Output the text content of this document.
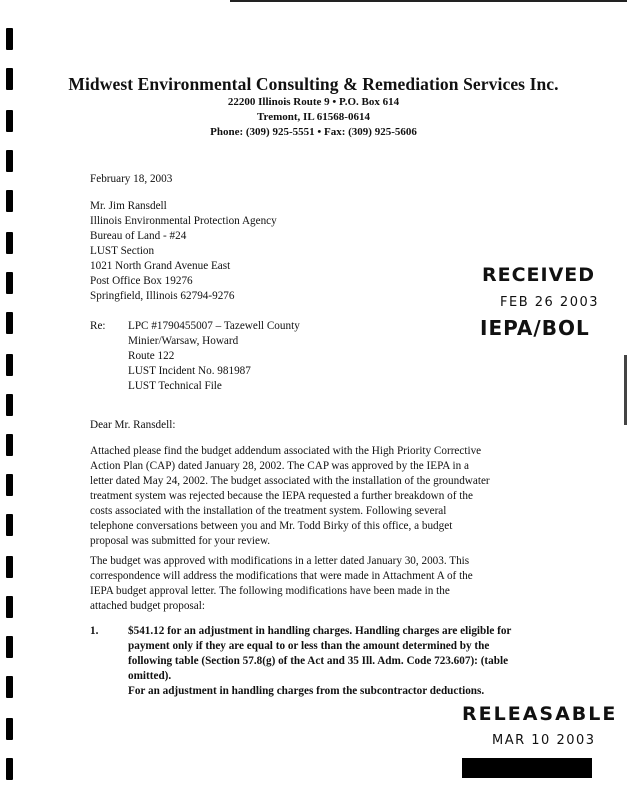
Midwest Environmental Consulting & Remediation Services Inc.
22200 Illinois Route 9 • P.O. Box 614
Tremont, IL 61568-0614
Phone: (309) 925-5551 • Fax: (309) 925-5606
February 18, 2003
Mr. Jim Ransdell
Illinois Environmental Protection Agency
Bureau of Land - #24
LUST Section
1021 North Grand Avenue East
Post Office Box 19276
Springfield, Illinois 62794-9276
Re: LPC #1790455007 – Tazewell County
Minier/Warsaw, Howard
Route 122
LUST Incident No. 981987
LUST Technical File
RECEIVED
FEB 26 2003
IEPA/BOL
Dear Mr. Ransdell:
Attached please find the budget addendum associated with the High Priority Corrective
Action Plan (CAP) dated January 28, 2002. The CAP was approved by the IEPA in a
letter dated May 24, 2002. The budget associated with the installation of the groundwater
treatment system was rejected because the IEPA requested a further breakdown of the
costs associated with the installation of the treatment system. Following several
telephone conversations between you and Mr. Todd Birky of this office, a budget
proposal was submitted for your review.
The budget was approved with modifications in a letter dated January 30, 2003. This
correspondence will address the modifications that were made in Attachment A of the
IEPA budget approval letter. The following modifications have been made in the
attached budget proposal:
1.	$541.12 for an adjustment in handling charges. Handling charges are eligible for
payment only if they are equal to or less than the amount determined by the
following table (Section 57.8(g) of the Act and 35 Ill. Adm. Code 723.607): (table
omitted).
For an adjustment in handling charges from the subcontractor deductions.
RELEASABLE
MAR 10 2003
